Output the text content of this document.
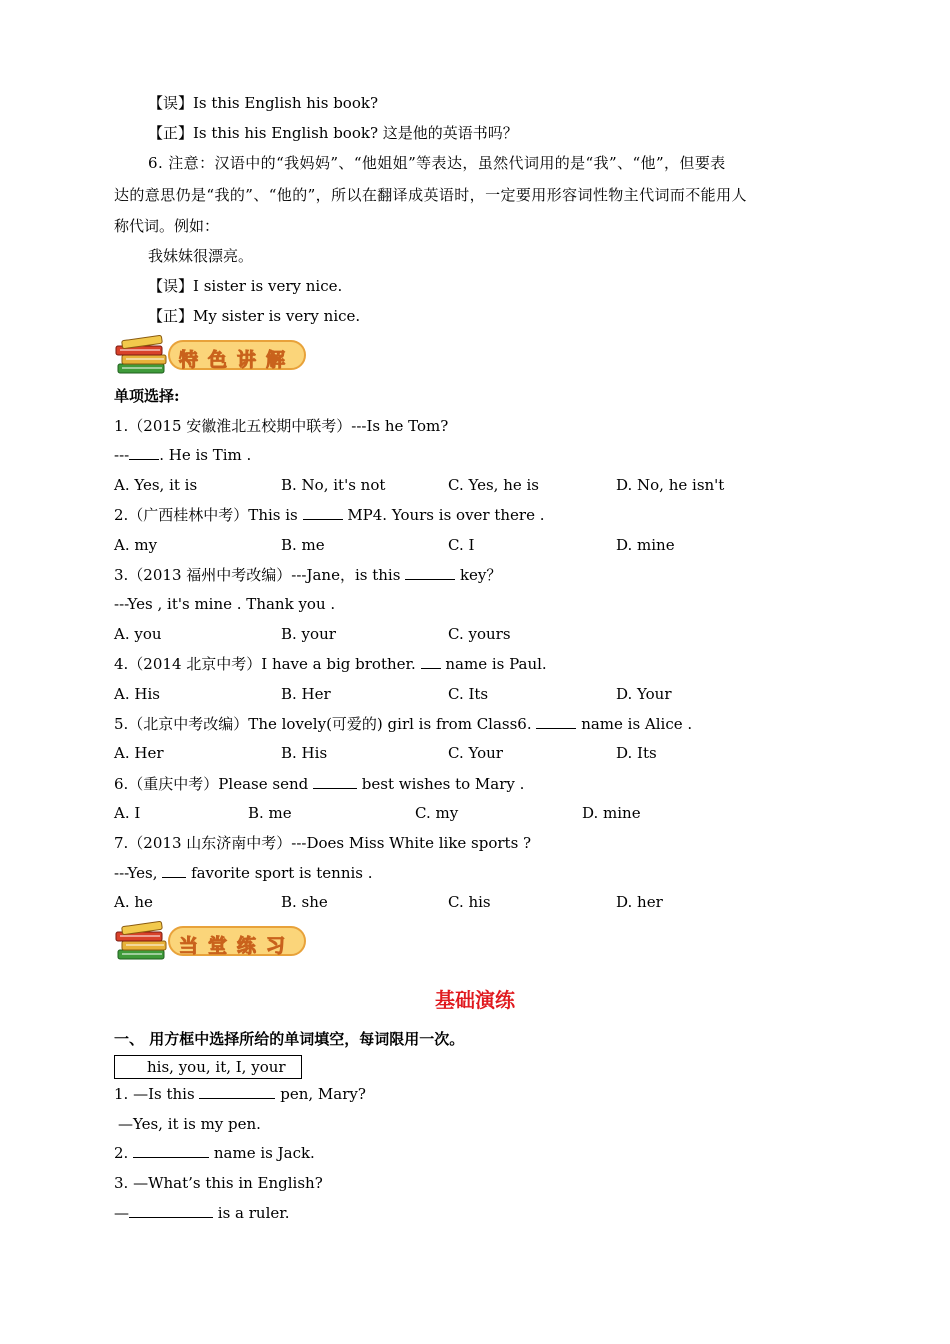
【误】Is this English his book?
【正】Is this his English book? 这是他的英语书吗？
6. 注意：汉语中的“我妈妈”、“他姐姐”等表达，虽然代词用的是“我”、“他”，但要表
达的意思仍是“我的”、“他的”，所以在翻译成英语时，一定要用形容词性物主代词而不能用人
称代词。例如：
我妹妹很漂亮。
【误】I sister is very nice.
【正】My sister is very nice.
特色讲解
单项选择:
1.（2015 安徽淮北五校期中联考）---Is he Tom?
--- . He is Tim .
A. Yes, it is	B. No, it's not	C. Yes, he is	D. No, he isn't
2.（广西桂林中考）This is	MP4. Yours is over there .
A. my	B. me	C. I	D. mine
3.（2013 福州中考改编）---Jane，is this	key？
---Yes , it's mine . Thank you .
A. you	B. your	C. yours
4.（2014 北京中考）I have a big brother. name is Paul.
A. His	B. Her	C. Its	D. Your
5.（北京中考改编）The lovely(可爱的) girl is from Class6.	name is Alice .
A. Her	B. His	C. Your	D. Its
6.（重庆中考）Please send	best wishes to Mary .
A. I	B. me	C. my	D. mine
7.（2013 山东济南中考）---Does Miss White like sports ?
---Yes, favorite sport is tennis .
A. he	B. she	C. his	D. her
当堂练习
基础演练
一、 用方框中选择所给的单词填空，每词限用一次。
his, you, it, I, your
1. —Is this	pen, Mary?
—Yes, it is my pen.
2.	name is Jack.
3. —What’s this in English?
—	is a ruler.
